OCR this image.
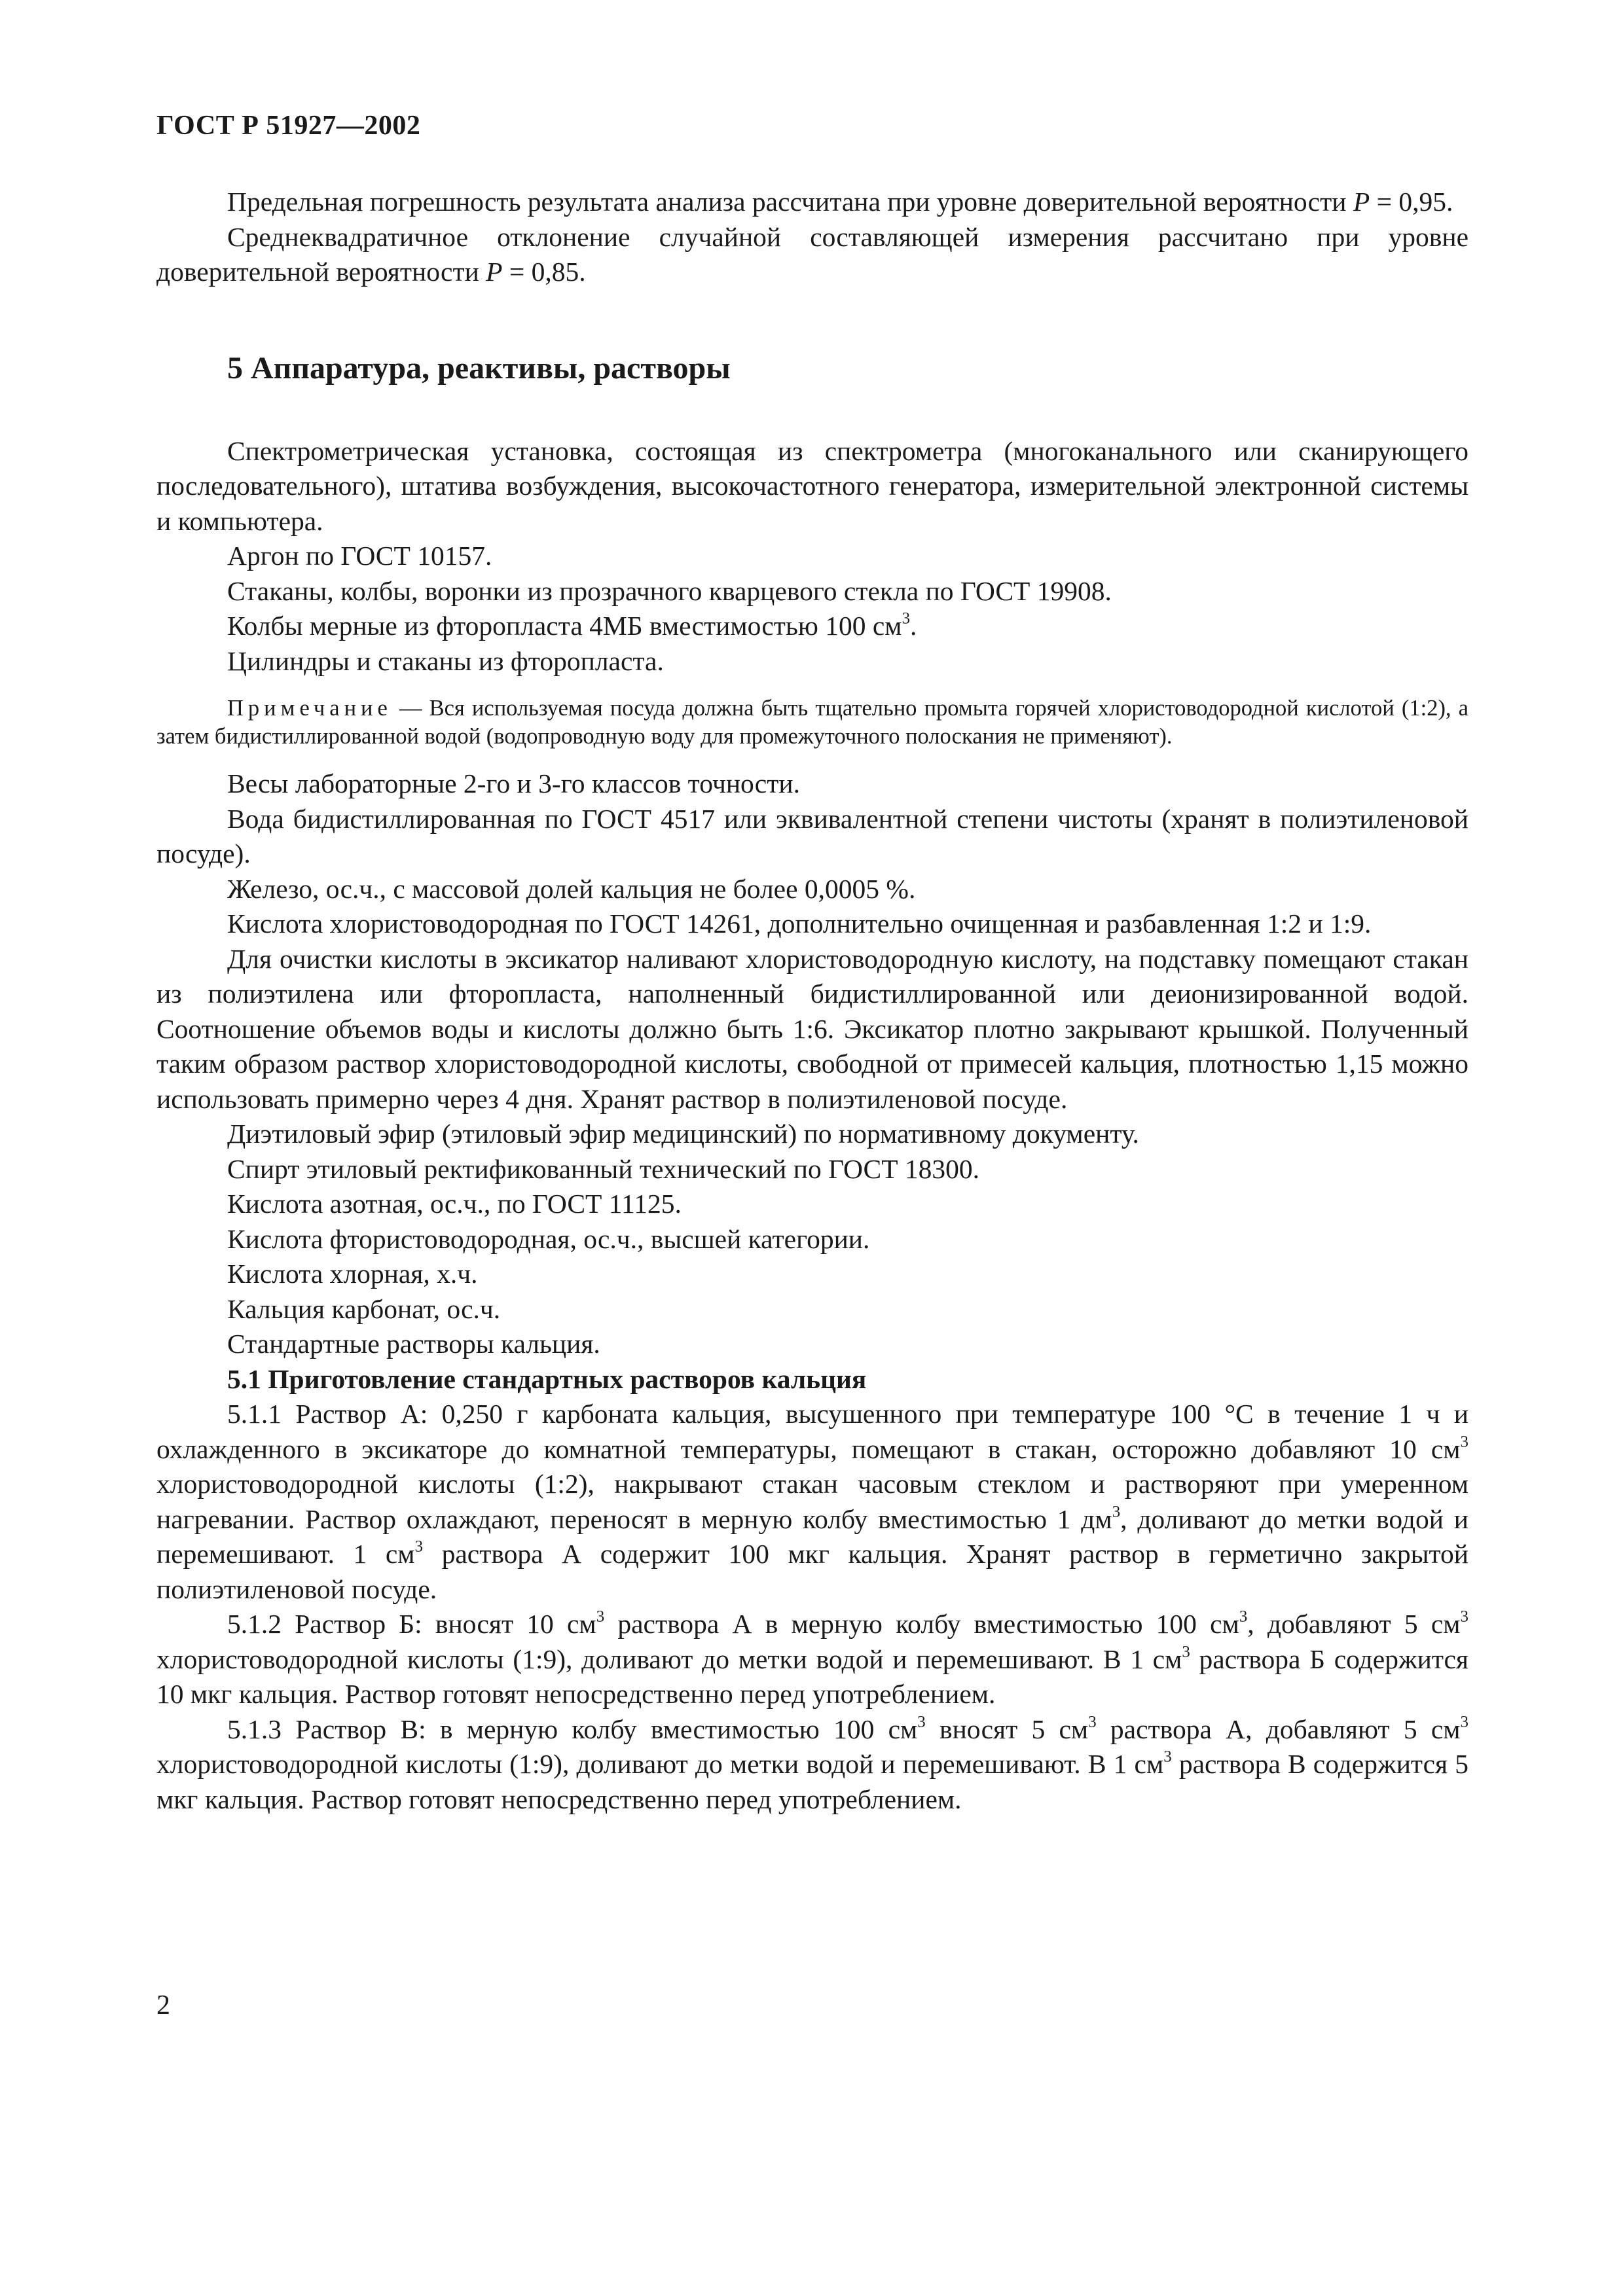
ГОСТ Р 51927—2002

Предельная погрешность результата анализа рассчитана при уровне доверительной вероятности Р = 0,95.

Среднеквадратичное отклонение случайной составляющей измерения рассчитано при уровне доверительной вероятности Р = 0,85.

5 Аппаратура, реактивы, растворы

Спектрометрическая установка, состоящая из спектрометра (многоканального или сканирующего последовательного), штатива возбуждения, высокочастотного генератора, измерительной электронной системы и компьютера.

Аргон по ГОСТ 10157.

Стаканы, колбы, воронки из прозрачного кварцевого стекла по ГОСТ 19908.

Колбы мерные из фторопласта 4МБ вместимостью 100 $см^3$.

Цилиндры и стаканы из фторопласта.

Примечание — Вся используемая посуда должна быть тщательно промыта горячей хлористоводородной кислотой (1:2), а затем бидистиллированной водой (водопроводную воду для промежуточного полоскания не применяют).

Весы лабораторные 2-го и 3-го классов точности.

Вода бидистиллированная по ГОСТ 4517 или эквивалентной степени чистоты (хранят в полиэтиленовой посуде).

Железо, ос.ч., с массовой долей кальция не более 0,0005 %.

Кислота хлористоводородная по ГОСТ 14261, дополнительно очищенная и разбавленная 1:2 и 1:9.

Для очистки кислоты в эксикатор наливают хлористоводородную кислоту, на подставку помещают стакан из полиэтилена или фторопласта, наполненный бидистиллированной или деионизированной водой. Соотношение объемов воды и кислоты должно быть 1:6. Эксикатор плотно закрывают крышкой. Полученный таким образом раствор хлористоводородной кислоты, свободной от примесей кальция, плотностью 1,15 можно использовать примерно через 4 дня. Хранят раствор в полиэтиленовой посуде.

Диэтиловый эфир (этиловый эфир медицинский) по нормативному документу.

Спирт этиловый ректификованный технический по ГОСТ 18300.

Кислота азотная, ос.ч., по ГОСТ 11125.

Кислота фтористоводородная, ос.ч., высшей категории.

Кислота хлорная, х.ч.

Кальция карбонат, ос.ч.

Стандартные растворы кальция.

5.1 Приготовление стандартных растворов кальция

5.1.1 Раствор А: 0,250 г карбоната кальция, высушенного при температуре 100 °С в течение 1 ч и охлажденного в эксикаторе до комнатной температуры, помещают в стакан, осторожно добавляют 10 $см^3$ хлористоводородной кислоты (1:2), накрывают стакан часовым стеклом и растворяют при умеренном нагревании. Раствор охлаждают, переносят в мерную колбу вместимостью 1 $дм^3$, доливают до метки водой и перемешивают. 1 $см^3$ раствора А содержит 100 мкг кальция. Хранят раствор в герметично закрытой полиэтиленовой посуде.

5.1.2 Раствор Б: вносят 10 $см^3$ раствора А в мерную колбу вместимостью 100 $см^3$, добавляют 5 $см^3$ хлористоводородной кислоты (1:9), доливают до метки водой и перемешивают. В 1 $см^3$ раствора Б содержится 10 мкг кальция. Раствор готовят непосредственно перед употреблением.

5.1.3 Раствор В: в мерную колбу вместимостью 100 $см^3$ вносят 5 $см^3$ раствора А, добавляют 5 $см^3$ хлористоводородной кислоты (1:9), доливают до метки водой и перемешивают. В 1 $см^3$ раствора В содержится 5 мкг кальция. Раствор готовят непосредственно перед употреблением.

2
